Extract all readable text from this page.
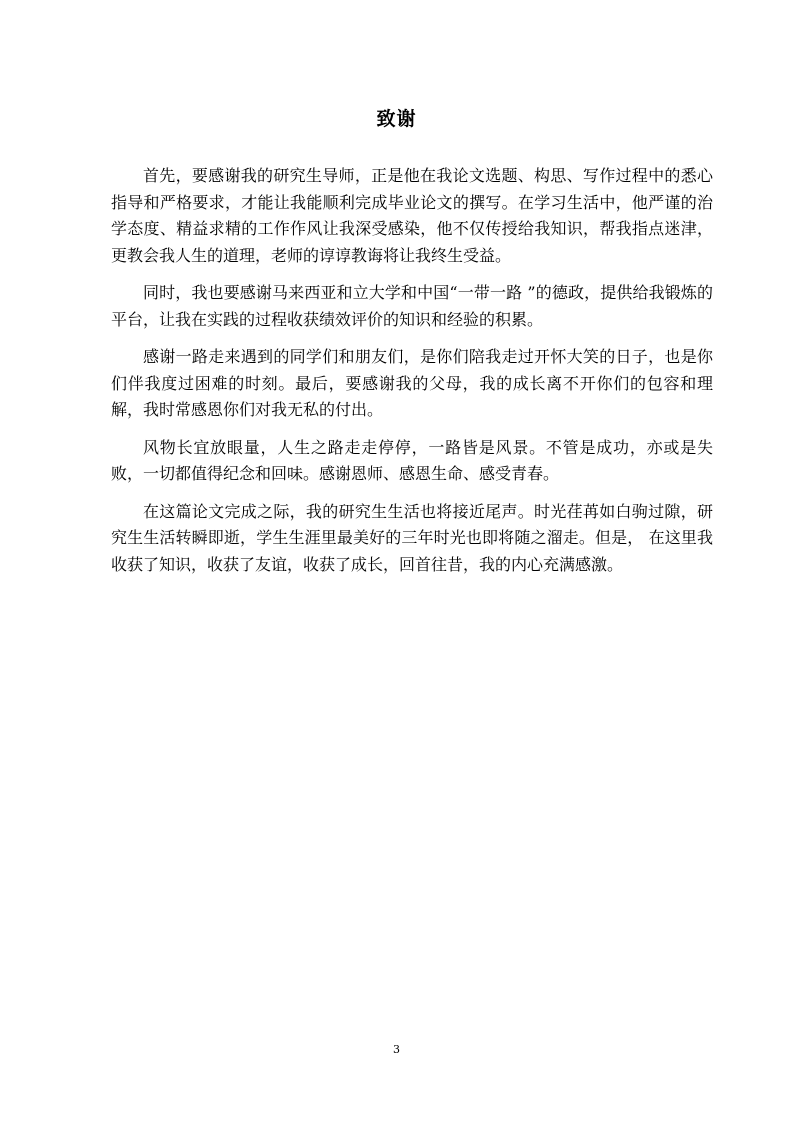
致谢

首先，要感谢我的研究生导师，正是他在我论文选题、构思、写作过程中的悉心指导和严格要求，才能让我能顺利完成毕业论文的撰写。在学习生活中，他严谨的治学态度、精益求精的工作作风让我深受感染，他不仅传授给我知识，帮我指点迷津，更教会我人生的道理，老师的谆谆教诲将让我终生受益。

同时，我也要感谢马来西亚和立大学和中国“一带一路 ”的德政，提供给我锻炼的平台，让我在实践的过程收获绩效评价的知识和经验的积累。

感谢一路走来遇到的同学们和朋友们，是你们陪我走过开怀大笑的日子，也是你们伴我度过困难的时刻。最后，要感谢我的父母，我的成长离不开你们的包容和理解，我时常感恩你们对我无私的付出。

风物长宜放眼量，人生之路走走停停，一路皆是风景。不管是成功，亦或是失败，一切都值得纪念和回味。感谢恩师、感恩生命、感受青春。

在这篇论文完成之际，我的研究生生活也将接近尾声。时光荏苒如白驹过隙，研究生生活转瞬即逝，学生生涯里最美好的三年时光也即将随之溜走。但是， 在这里我收获了知识，收获了友谊，收获了成长，回首往昔，我的内心充满感激。

3
